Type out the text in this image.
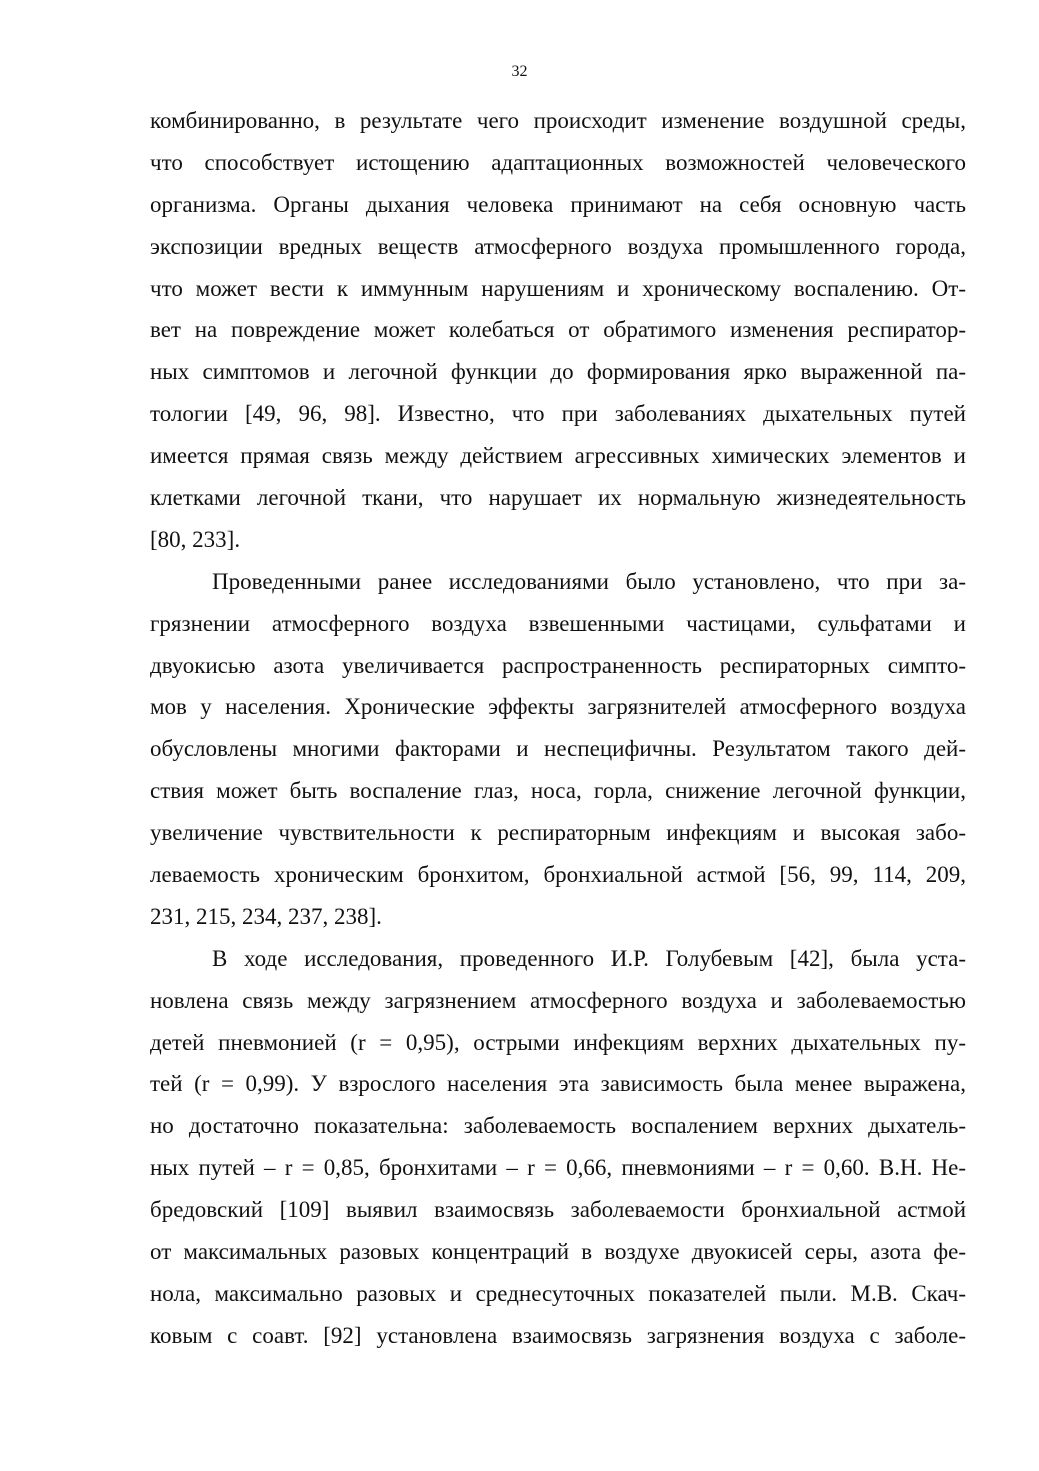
32
комбинированно, в результате чего происходит изменение воздушной среды,
что способствует истощению адаптационных возможностей человеческого
организма. Органы дыхания человека принимают на себя основную часть
экспозиции вредных веществ атмосферного воздуха промышленного города,
что может вести к иммунным нарушениям и хроническому воспалению. От-
вет на повреждение может колебаться от обратимого изменения респиратор-
ных симптомов и легочной функции до формирования ярко выраженной па-
тологии [49, 96, 98]. Известно, что при заболеваниях дыхательных путей
имеется прямая связь между действием агрессивных химических элементов и
клетками легочной ткани, что нарушает их нормальную жизнедеятельность
[80, 233].
Проведенными ранее исследованиями было установлено, что при за-
грязнении атмосферного воздуха взвешенными частицами, сульфатами и
двуокисью азота увеличивается распространенность респираторных симпто-
мов у населения. Хронические эффекты загрязнителей атмосферного воздуха
обусловлены многими факторами и неспецифичны. Результатом такого дей-
ствия может быть воспаление глаз, носа, горла, снижение легочной функции,
увеличение чувствительности к респираторным инфекциям и высокая забо-
леваемость хроническим бронхитом, бронхиальной астмой [56, 99, 114, 209,
231, 215, 234, 237, 238].
В ходе исследования, проведенного И.Р. Голубевым [42], была уста-
новлена связь между загрязнением атмосферного воздуха и заболеваемостью
детей пневмонией (r = 0,95), острыми инфекциям верхних дыхательных пу-
тей (r = 0,99). У взрослого населения эта зависимость была менее выражена,
но достаточно показательна: заболеваемость воспалением верхних дыхатель-
ных путей – r = 0,85, бронхитами – r = 0,66, пневмониями – r = 0,60. В.Н. Не-
бредовский [109] выявил взаимосвязь заболеваемости бронхиальной астмой
от максимальных разовых концентраций в воздухе двуокисей серы, азота фе-
нола, максимально разовых и среднесуточных показателей пыли. М.В. Скач-
ковым с соавт. [92] установлена взаимосвязь загрязнения воздуха с заболе-
